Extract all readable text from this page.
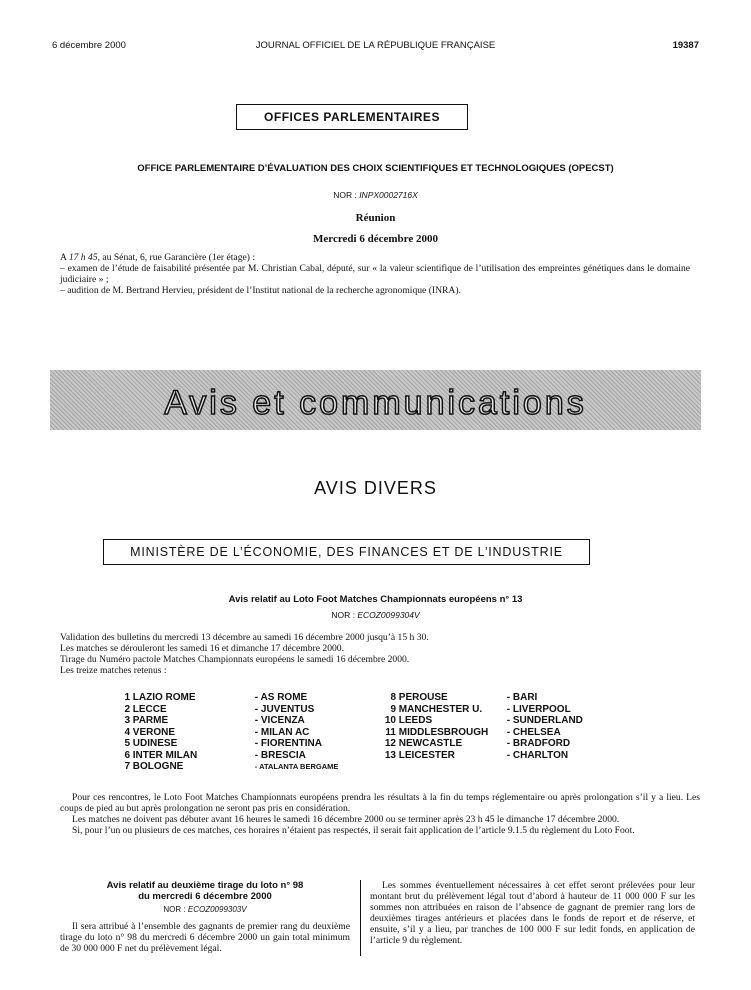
6 décembre 2000	JOURNAL OFFICIEL DE LA RÉPUBLIQUE FRANÇAISE	19387
OFFICES PARLEMENTAIRES
OFFICE PARLEMENTAIRE D’ÉVALUATION DES CHOIX SCIENTIFIQUES ET TECHNOLOGIQUES (OPECST)
NOR : INPX0002716X
Réunion
Mercredi 6 décembre 2000
A 17 h 45, au Sénat, 6, rue Garancière (1er étage) :
– examen de l’étude de faisabilité présentée par M. Christian Cabal, député, sur « la valeur scientifique de l’utilisation des empreintes génétiques dans le domaine judiciaire » ;
– audition de M. Bertrand Hervieu, président de l’Institut national de la recherche agronomique (INRA).
Avis et communications
AVIS DIVERS
MINISTÈRE DE L’ÉCONOMIE, DES FINANCES ET DE L’INDUSTRIE
Avis relatif au Loto Foot Matches Championnats européens n° 13
NOR : ECOZ0099304V
Validation des bulletins du mercredi 13 décembre au samedi 16 décembre 2000 jusqu’à 15 h 30.
Les matches se dérouleront les samedi 16 et dimanche 17 décembre 2000.
Tirage du Numéro pactole Matches Championnats européens le samedi 16 décembre 2000.
Les treize matches retenus :
1 LAZIO ROME	- AS ROME
2 LECCE	- JUVENTUS
3 PARME	- VICENZA
4 VERONE	- MILAN AC
5 UDINESE	- FIORENTINA
6 INTER MILAN	- BRESCIA
7 BOLOGNE	- ATALANTA BERGAME
8 PEROUSE	- BARI
9 MANCHESTER U. - LIVERPOOL
10 LEEDS	- SUNDERLAND
11 MIDDLESBROUGH - CHELSEA
12 NEWCASTLE	- BRADFORD
13 LEICESTER	- CHARLTON
Pour ces rencontres, le Loto Foot Matches Championnats européens prendra les résultats à la fin du temps réglementaire ou après prolongation s’il y a lieu. Les coups de pied au but après prolongation ne seront pas pris en considération.
Les matches ne doivent pas débuter avant 16 heures le samedi 16 décembre 2000 ou se terminer après 23 h 45 le dimanche 17 décembre 2000.
Si, pour l’un ou plusieurs de ces matches, ces horaires n’étaient pas respectés, il serait fait application de l’article 9.1.5 du règlement du Loto Foot.
Avis relatif au deuxième tirage du loto n° 98
du mercredi 6 décembre 2000
NOR : ECOZ0099303V
Il sera attribué à l’ensemble des gagnants de premier rang du deuxième tirage du loto n° 98 du mercredi 6 décembre 2000 un gain total minimum de 30 000 000 F net du prélèvement légal.
Les sommes éventuellement nécessaires à cet effet seront prélevées pour leur montant brut du prélèvement légal tout d’abord à hauteur de 11 000 000 F sur les sommes non attribuées en raison de l’absence de gagnant de premier rang lors de deuxièmes tirages antérieurs et placées dans le fonds de report et de réserve, et ensuite, s’il y a lieu, par tranches de 100 000 F sur ledit fonds, en application de l’article 9 du règlement.
